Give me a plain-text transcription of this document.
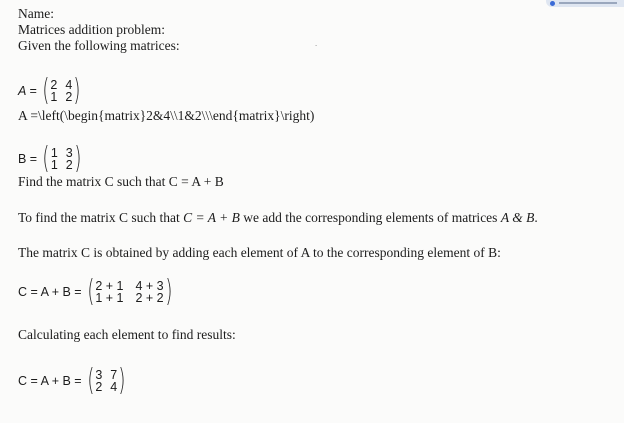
Name:
Matrices addition problem:
Given the following matrices:	˙
A = ( 2 4
1 2 )
A =\left(\begin{matrix}2&4\\1&2\\\end{matrix}\right)
B = ( 1 3
1 2 )
Find the matrix C such that C = A + B
To find the matrix C such that C = A + B we add the corresponding elements of matrices A & B.
The matrix C is obtained by adding each element of A to the corresponding element of B:
C = A + B = ( 2 + 1 4 + 3
1 + 1 2 + 2 )
Calculating each element to find results:
C = A + B = ( 3 7
2 4 )
